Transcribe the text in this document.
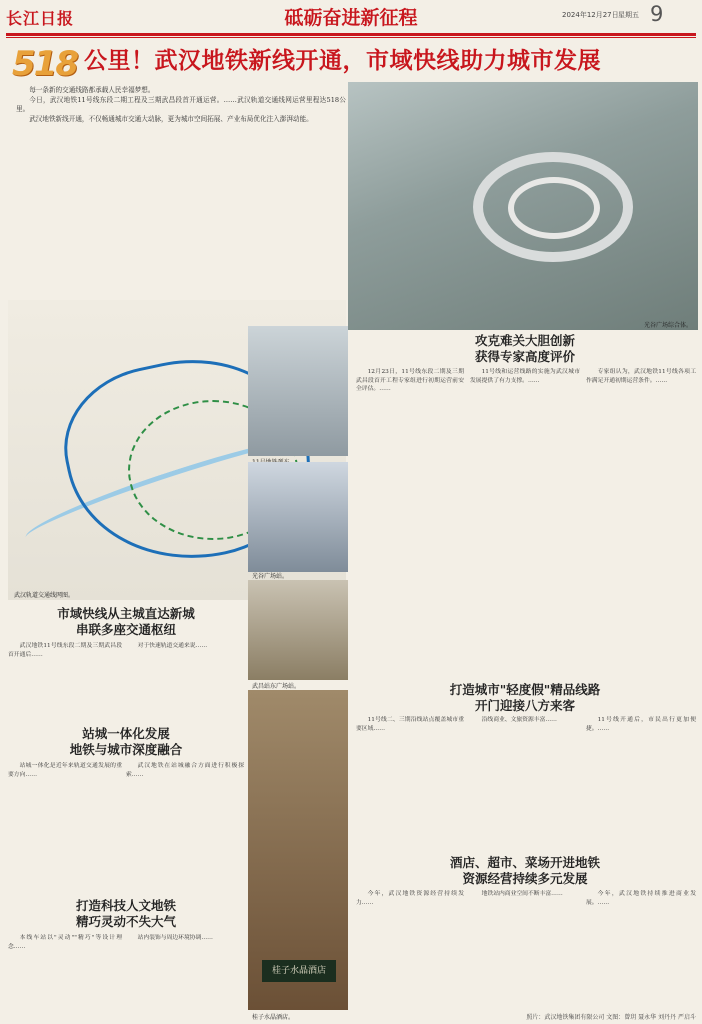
长江日报	砥砺奋进新征程	2024年12月27日 星期五 9
518 公里！武汉地铁新线开通，市域快线助力城市发展

每一条新的交通线路都承载人民幸福梦想。

今日，武汉地铁11号线东段二期工程及三期武昌段首开通运营。……武汉轨道交通线网运营里程达518公里。

武汉地铁新线开通，不仅畅通城市交通大动脉，更为城市空间拓展、产业布局优化注入澎湃动能。

光谷广场综合体。
武汉轨道交通线网图。
光谷广场站。
武昌站东广场站。
桂子水晶酒店
桂子水晶酒店。
攻克难关大胆创新
获得专家高度评价

12月23日，11号线东段二期及三期武昌段首开工程专家组进行初期运营前安全评估。……

11号线和运营线路的实施为武汉城市发展提供了有力支撑。……

专家组认为，武汉地铁11号线各项工作满足开通初期运营条件。……

打造城市"轻度假"精品线路
开门迎接八方来客

11号线二、三期沿线站点覆盖城市重要区域……

沿线商业、文旅资源丰富……	11号线开通后，市民出行更加便捷。……

酒店、超市、菜场开进地铁
资源经营持续多元发展

今年，武汉地铁资源经营持续发力……

地铁站内商业空间不断丰富……	今年，武汉地铁持续推进商业发展。……

市域快线从主城直达新城
串联多座交通枢纽

武汉地铁11号线东段二期及三期武昌段首开通后……

对于快速轨道交通来说……

站城一体化发展
地铁与城市深度融合

站城一体化是近年来轨道交通发展的重要方向……

武汉地铁在站城融合方面进行积极探索……

打造科技人文地铁
精巧灵动不失大气

本线车站以"灵动""精巧"等设计理念……

站内装饰与周边环境协调……

照片：武汉地铁集团有限公司 文图：曾玥 聂永华 刘丹丹 严启斗
